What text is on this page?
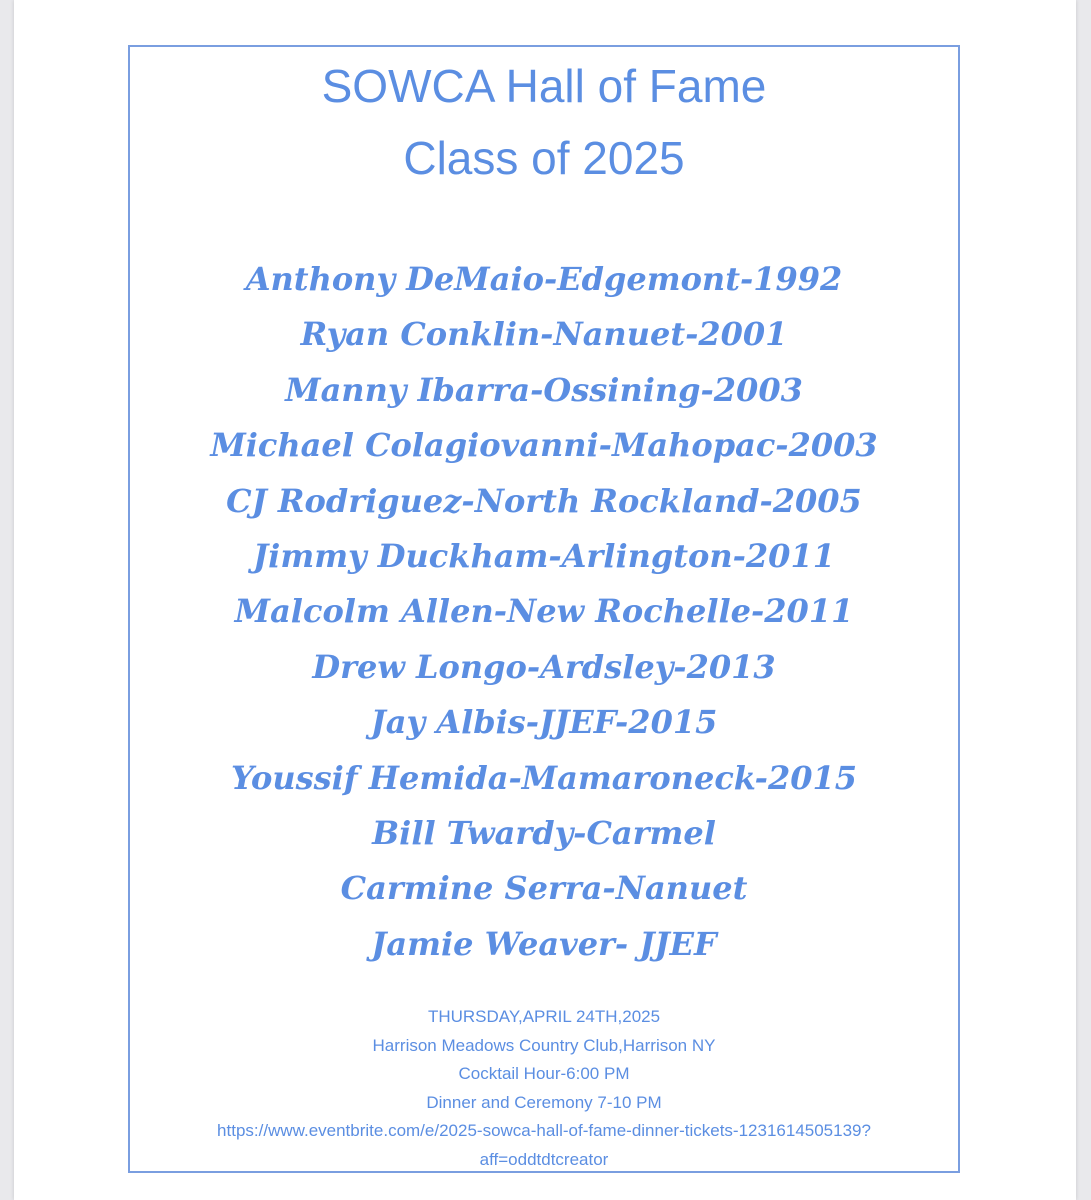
SOWCA Hall of Fame
Class of 2025
Anthony DeMaio-Edgemont-1992
Ryan Conklin-Nanuet-2001
Manny Ibarra-Ossining-2003
Michael Colagiovanni-Mahopac-2003
CJ Rodriguez-North Rockland-2005
Jimmy Duckham-Arlington-2011
Malcolm Allen-New Rochelle-2011
Drew Longo-Ardsley-2013
Jay Albis-JJEF-2015
Youssif Hemida-Mamaroneck-2015
Bill Twardy-Carmel
Carmine Serra-Nanuet
Jamie Weaver- JJEF
THURSDAY,APRIL 24TH,2025
Harrison Meadows Country Club,Harrison NY
Cocktail Hour-6:00 PM
Dinner and Ceremony 7-10 PM
https://www.eventbrite.com/e/2025-sowca-hall-of-fame-dinner-tickets-1231614505139?
aff=oddtdtcreator
